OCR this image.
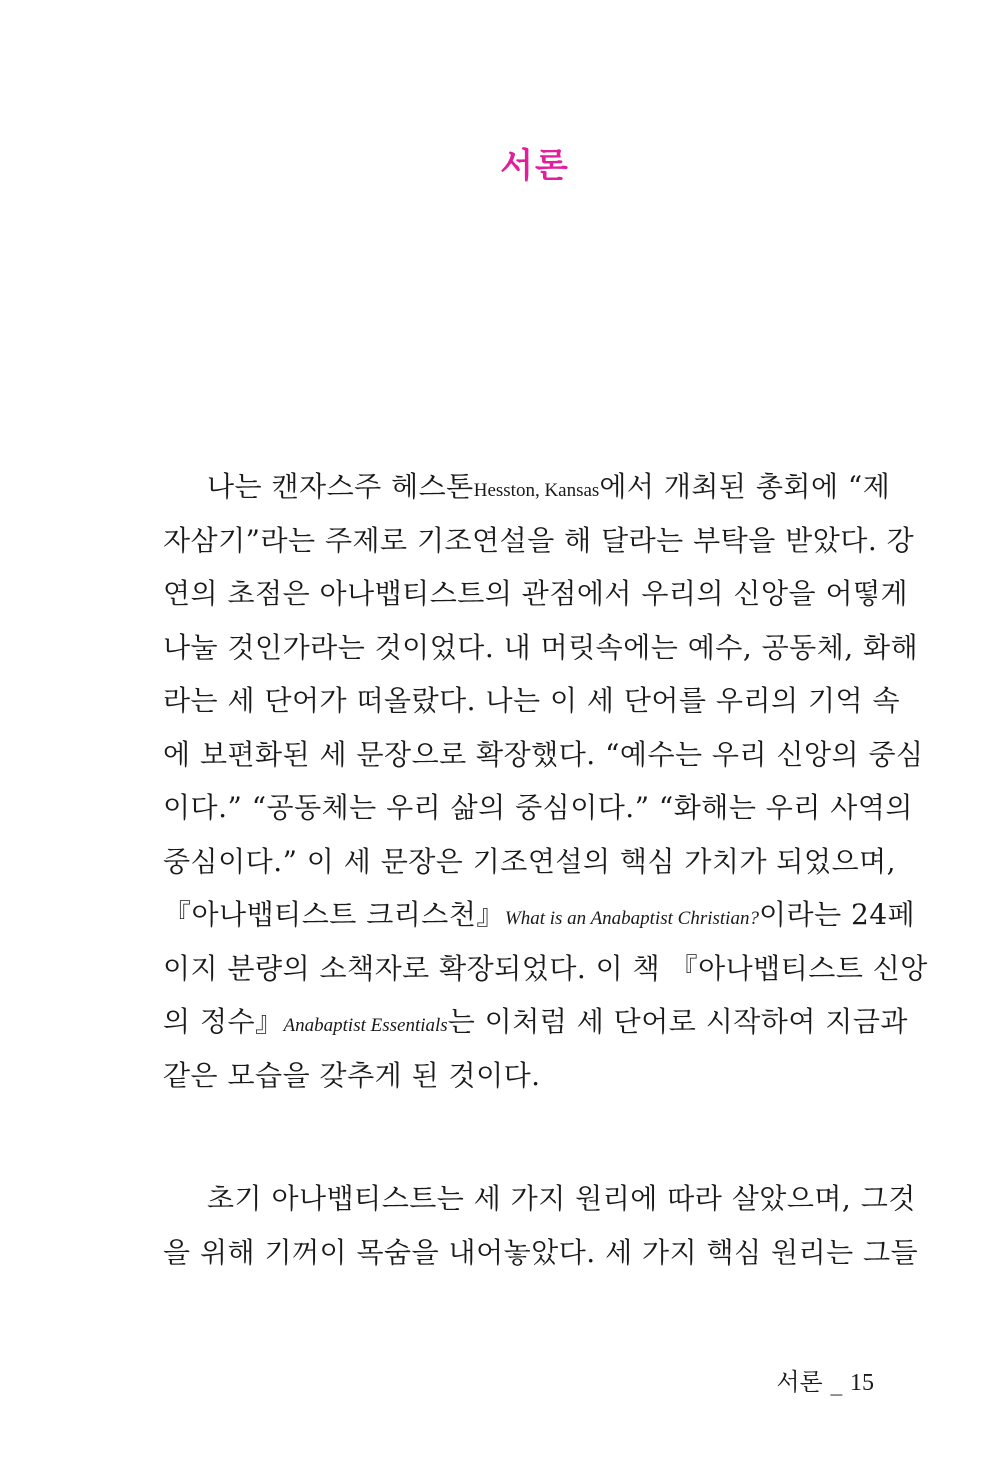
서론
나는 캔자스주 헤스톤Hesston, Kansas에서 개최된 총회에 “제
자삼기”라는 주제로 기조연설을 해 달라는 부탁을 받았다. 강
연의 초점은 아나뱁티스트의 관점에서 우리의 신앙을 어떻게
나눌 것인가라는 것이었다. 내 머릿속에는 예수, 공동체, 화해
라는 세 단어가 떠올랐다. 나는 이 세 단어를 우리의 기억 속
에 보편화된 세 문장으로 확장했다. “예수는 우리 신앙의 중심
이다.” “공동체는 우리 삶의 중심이다.” “화해는 우리 사역의
중심이다.” 이 세 문장은 기조연설의 핵심 가치가 되었으며,
『아나뱁티스트 크리스천』What is an Anabaptist Christian?이라는 24페
이지 분량의 소책자로 확장되었다. 이 책 『아나뱁티스트 신앙
의 정수』Anabaptist Essentials는 이처럼 세 단어로 시작하여 지금과
같은 모습을 갖추게 된 것이다.
초기 아나뱁티스트는 세 가지 원리에 따라 살았으며, 그것
을 위해 기꺼이 목숨을 내어놓았다. 세 가지 핵심 원리는 그들
서론 _ 15
